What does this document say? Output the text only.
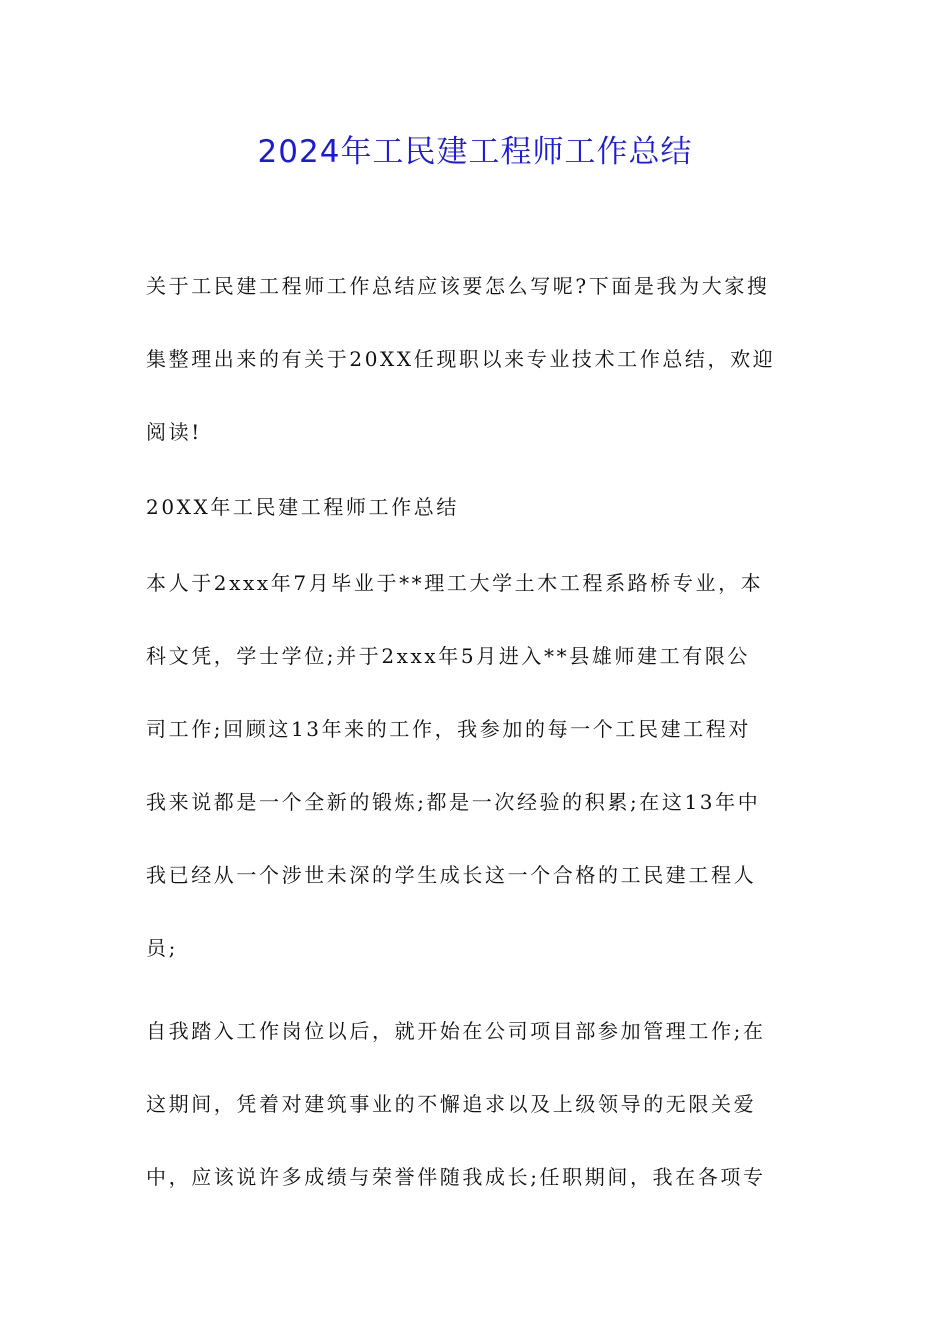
2024年工民建工程师工作总结
关于工民建工程师工作总结应该要怎么写呢?下面是我为大家搜
集整理出来的有关于20XX任现职以来专业技术工作总结，欢迎
阅读!
20XX年工民建工程师工作总结
本人于2xxx年7月毕业于**理工大学土木工程系路桥专业，本
科文凭，学士学位;并于2xxx年5月进入**县雄师建工有限公
司工作;回顾这13年来的工作，我参加的每一个工民建工程对
我来说都是一个全新的锻炼;都是一次经验的积累;在这13年中
我已经从一个涉世未深的学生成长这一个合格的工民建工程人
员;
自我踏入工作岗位以后，就开始在公司项目部参加管理工作;在
这期间，凭着对建筑事业的不懈追求以及上级领导的无限关爱
中，应该说许多成绩与荣誉伴随我成长;任职期间，我在各项专
